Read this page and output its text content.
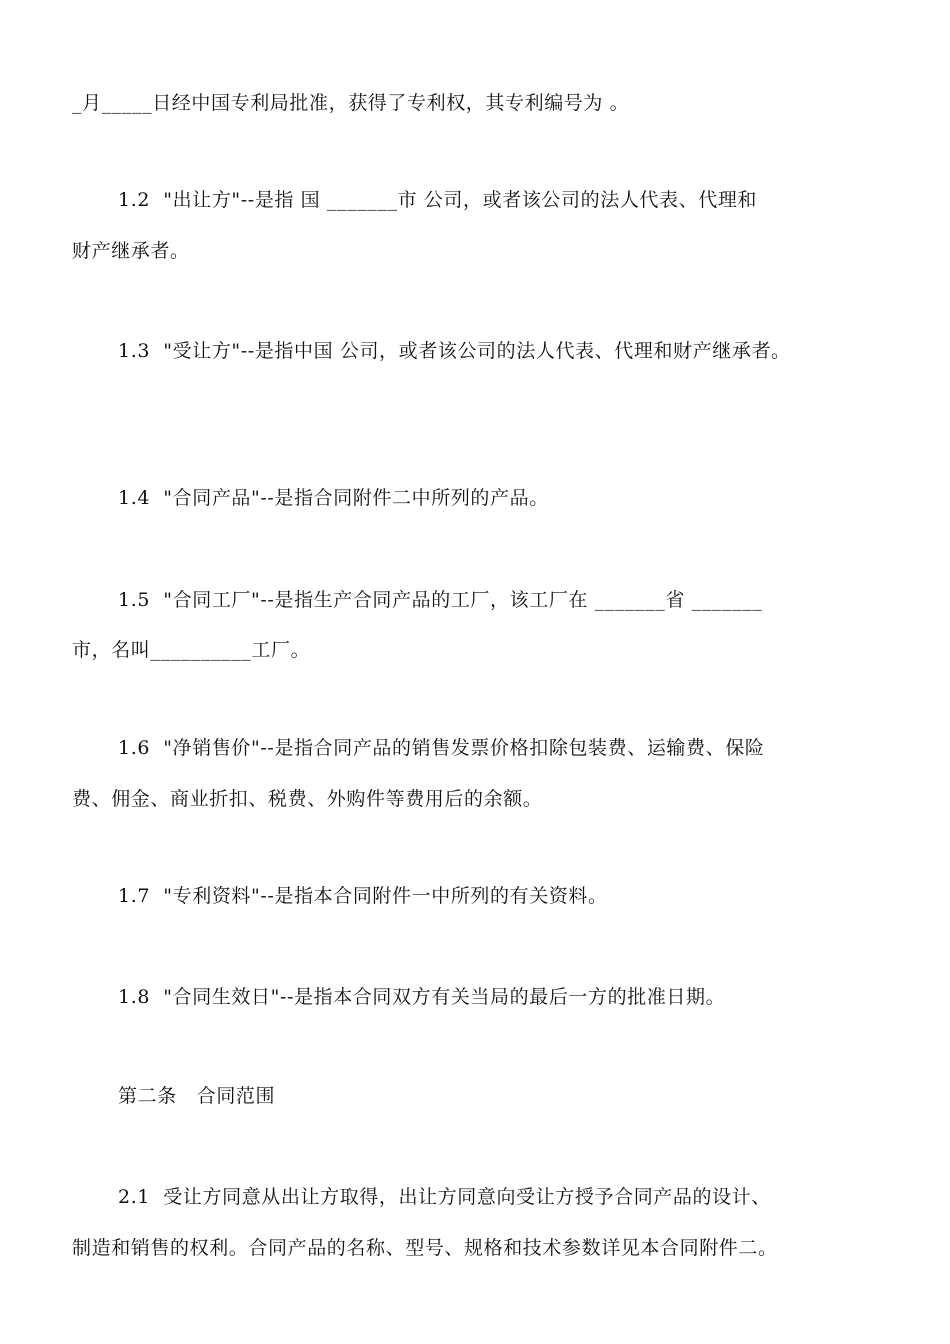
_月_____日经中国专利局批准，获得了专利权，其专利编号为 。
1.2  "出让方"--是指 国 _______市 公司，或者该公司的法人代表、代理和
财产继承者。
1.3  "受让方"--是指中国 公司，或者该公司的法人代表、代理和财产继承者。
1.4  "合同产品"--是指合同附件二中所列的产品。
1.5  "合同工厂"--是指生产合同产品的工厂，该工厂在 _______省 _______
市，名叫__________工厂。
1.6  "净销售价"--是指合同产品的销售发票价格扣除包装费、运输费、保险
费、佣金、商业折扣、税费、外购件等费用后的余额。
1.7  "专利资料"--是指本合同附件一中所列的有关资料。
1.8  "合同生效日"--是指本合同双方有关当局的最后一方的批准日期。
第二条   合同范围
2.1  受让方同意从出让方取得，出让方同意向受让方授予合同产品的设计、
制造和销售的权利。合同产品的名称、型号、规格和技术参数详见本合同附件二。
